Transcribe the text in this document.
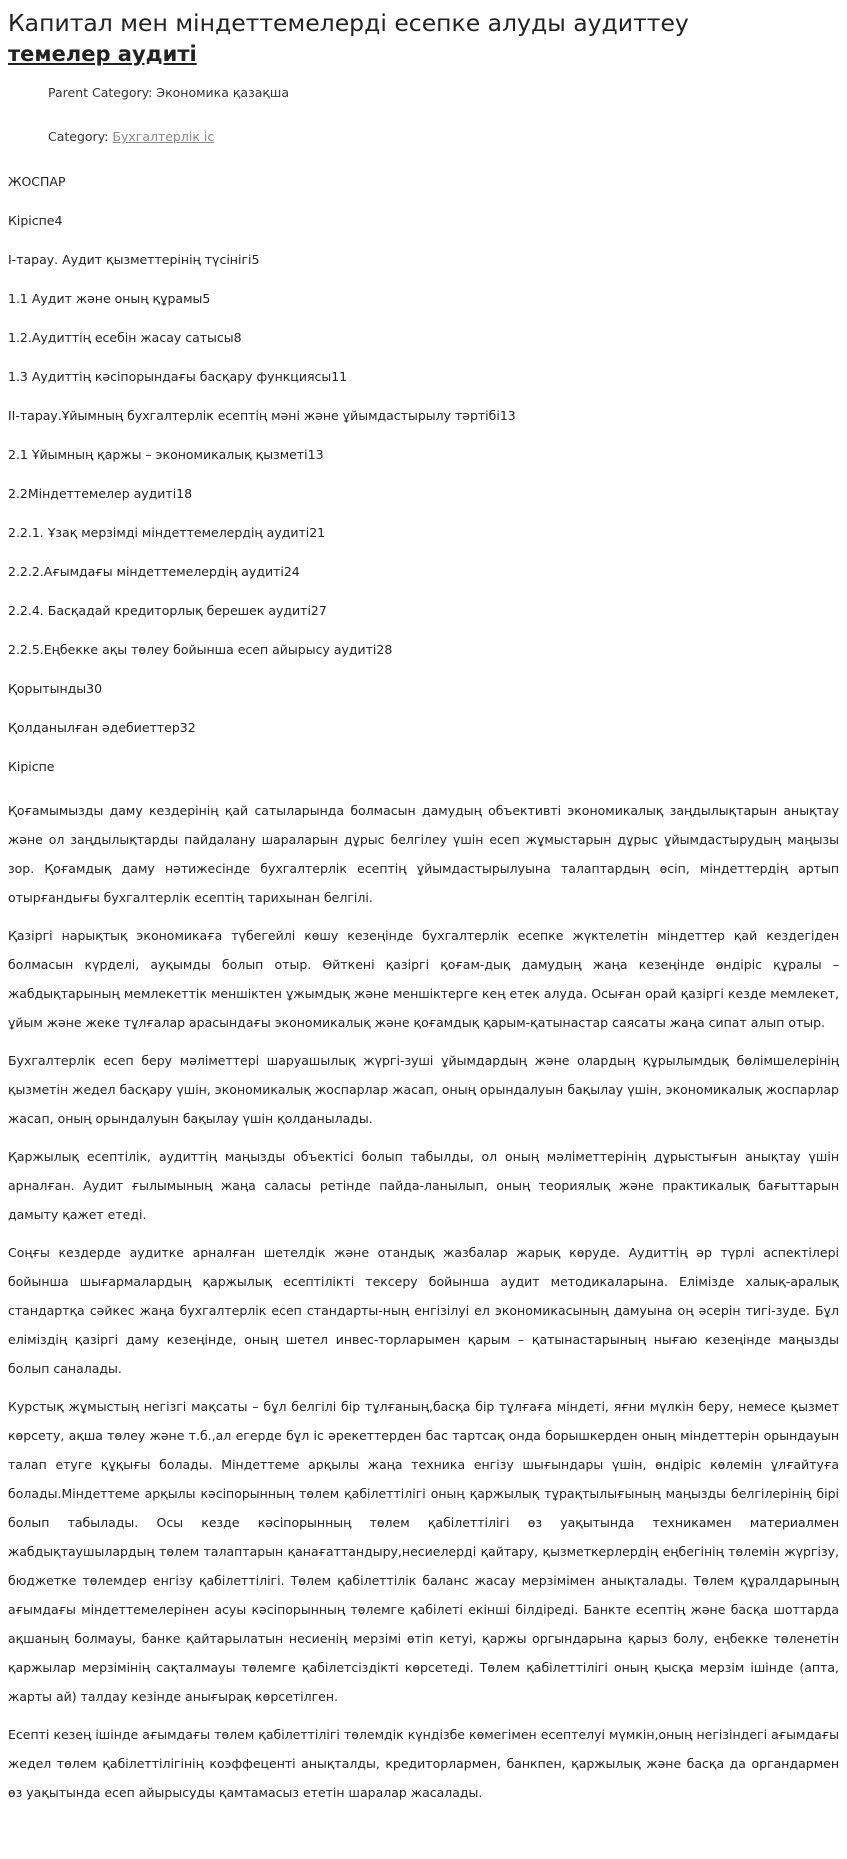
Капитал мен міндеттемелерді есепке алуды аудиттеу
темелер аудиті
Parent Category: Экономика қазақша
Category: Бухгалтерлік іс

ЖОСПАР

Кіріспе4

І-тарау. Аудит қызметтерінің түсінігі5

1.1 Аудит және оның құрамы5

1.2.Аудиттің есебін жасау сатысы8

1.3 Аудиттің кәсіпорындағы басқару функциясы11

ІІ-тарау.Ұйымның бухгалтерлік есептің мәні және ұйымдастырылу тәртібі13

2.1 Ұйымның қаржы – экономикалық қызметі13

2.2Міндеттемелер аудиті18

2.2.1. Ұзақ мерзімді міндеттемелердің аудиті21

2.2.2.Ағымдағы міндеттемелердің аудиті24

2.2.4. Басқадай кредиторлық берешек аудиті27

2.2.5.Еңбекке ақы төлеу бойынша есеп айырысу аудиті28

Қорытынды30

Қолданылған әдебиеттер32

Кіріспе

Қоғамымызды даму кездерінің қай сатыларында болмасын дамудың объективті экономикалық заңдылықтарын анықтау және ол заңдылықтарды пайдалану шараларын дұрыс белгілеу үшін есеп жұмыстарын дұрыс ұйымдастырудың маңызы зор. Қоғамдық даму нәтижесінде бухгалтерлік есептің ұйымдастырылуына талаптардың өсіп, міндеттердің артып отырғандығы бухгалтерлік есептің тарихынан белгілі.

Қазіргі нарықтық экономикаға түбегейлі көшу кезеңінде бухгалтерлік есепке жүктелетін міндеттер қай кездегіден болмасын күрделі, ауқымды болып отыр. Өйткені қазіргі қоғам-дық дамудың жаңа кезеңінде өндіріс құралы – жабдықтарының мемлекеттік меншіктен ұжымдық және меншіктерге кең етек алуда. Осыған орай қазіргі кезде мемлекет, ұйым және жеке тұлғалар арасындағы экономикалық және қоғамдық қарым-қатынастар саясаты жаңа сипат алып отыр.

Бухгалтерлік есеп беру мәліметтері шаруашылық жүргі-зуші ұйымдардың және олардың құрылымдық бөлімшелерінің қызметін жедел басқару үшін, экономикалық жоспарлар жасап, оның орындалуын бақылау үшін, экономикалық жоспарлар жасап, оның орындалуын бақылау үшін қолданылады.

Қаржылық есептілік, аудиттің маңызды объектісі болып табылды, ол оның мәліметтерінің дұрыстығын анықтау үшін арналған. Аудит ғылымының жаңа саласы ретінде пайда-ланылып, оның теориялық және практикалық бағыттарын дамыту қажет етеді.

Соңғы кездерде аудитке арналған шетелдік және отандық жазбалар жарық көруде. Аудиттің әр түрлі аспектілері бойынша шығармалардың қаржылық есептілікті тексеру бойынша аудит методикаларына. Елімізде халық-аралық стандартқа сәйкес жаңа бухгалтерлік есеп стандарты-ның енгізілуі ел экономикасының дамуына оң әсерін тигі-зуде. Бұл еліміздің қазіргі даму кезеңінде, оның шетел инвес-торларымен қарым – қатынастарының нығаю кезеңінде маңызды болып саналады.

Курстық жұмыстың негізгі мақсаты – бұл белгілі бір тұлғаның,басқа бір тұлғаға міндеті, яғни мүлкін беру, немесе қызмет көрсету, ақша төлеу және т.б.,ал егерде бұл іс әрекеттерден бас тартсақ онда борышкерден оның міндеттерін орындауын талап етуге құқығы болады. Міндеттеме арқылы жаңа техника енгізу шығындары үшін, өндіріс көлемін ұлғайтуға болады.Міндеттеме арқылы кәсіпорынның төлем қабілеттілігі оның қаржылық тұрақтылығының маңызды белгілерінің бірі болып табылады. Осы кезде кәсіпорынның төлем қабілеттілігі өз уақытында техникамен материалмен жабдықтаушылардың төлем талаптарын қанағаттандыру,несиелерді қайтару, қызметкерлердің еңбегінің төлемін жүргізу, бюджетке төлемдер енгізу қабілеттілігі. Төлем қабілеттілік баланс жасау мерзімімен анықталады. Төлем құралдарының ағымдағы міндеттемелерінен асуы кәсіпорынның төлемге қабілеті екінші білдіреді. Банкте есептің және басқа шоттарда ақшаның болмауы, банке қайтарылатын несиенің мерзімі өтіп кетуі, қаржы оргындарына қарыз болу, еңбекке төленетін қаржылар мерзімінің сақталмауы төлемге қабілетсіздікті көрсетеді. Төлем қабілеттілігі оның қысқа мерзім ішінде (апта, жарты ай) талдау кезінде анығырақ көрсетілген.

Есепті кезең ішінде ағымдағы төлем қабілеттілігі төлемдік күндізбе көмегімен есептелуі мүмкін,оның негізіндегі ағымдағы жедел төлем қабілеттілігінің коэффеценті анықталды, кредиторлармен, банкпен, қаржылық және басқа да органдармен өз уақытында есеп айырысуды қамтамасыз ететін шаралар жасалады.
